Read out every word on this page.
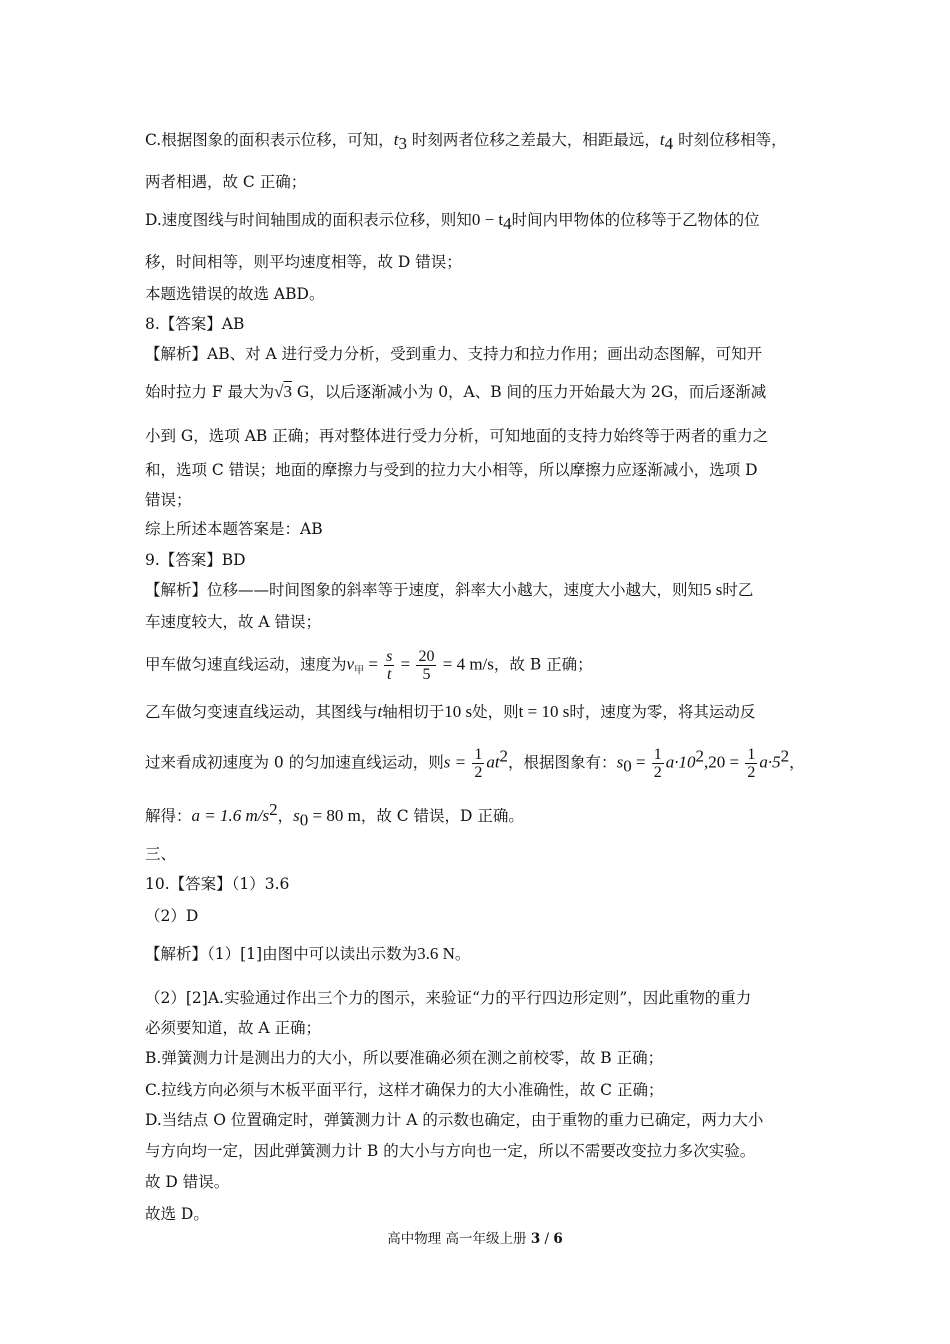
C.根据图象的面积表示位移，可知，$t_3$ 时刻两者位移之差最大，相距最远，$t_4$ 时刻位移相等，
两者相遇，故 C 正确；
D.速度图线与时间轴围成的面积表示位移，则知$0 - t_4$时间内甲物体的位移等于乙物体的位
移，时间相等，则平均速度相等，故 D 错误；
本题选错误的故选 ABD。
8.【答案】AB
【解析】AB、对 A 进行受力分析，受到重力、支持力和拉力作用；画出动态图解，可知开
始时拉力 F 最大为√3 G，以后逐渐减小为 0，A、B 间的压力开始最大为 2G，而后逐渐减
小到 G，选项 AB 正确；再对整体进行受力分析，可知地面的支持力始终等于两者的重力之
和，选项 C 错误；地面的摩擦力与受到的拉力大小相等，所以摩擦力应逐渐减小，选项 D
错误；
综上所述本题答案是：AB
9.【答案】BD
【解析】位移——时间图象的斜率等于速度，斜率大小越大，速度大小越大，则知5 s时乙
车速度较大，故 A 错误；
甲车做匀速直线运动，速度为$v_甲 = \frac{s}{t} = \frac{20}{5} = 4$ m/s，故 B 正确；
乙车做匀变速直线运动，其图线与t轴相切于10 s处，则t = 10 s时，速度为零，将其运动反
过来看成初速度为 0 的匀加速直线运动，则$s = \frac{1}{2} at^2$，根据图象有：$s_0 = \frac{1}{2} a\cdot 10^2,20 = \frac{1}{2} a\cdot 5^2$，
解得：a = 1.6 $m/s^2$，$s_0 = 80$ m，故 C 错误，D 正确。
三、
10.【答案】（1）3.6
（2）D
【解析】（1）[1]由图中可以读出示数为3.6 N。
（2）[2]A.实验通过作出三个力的图示，来验证“力的平行四边形定则”，因此重物的重力
必须要知道，故 A 正确；
B.弹簧测力计是测出力的大小，所以要准确必须在测之前校零，故 B 正确；
C.拉线方向必须与木板平面平行，这样才确保力的大小准确性，故 C 正确；
D.当结点 O 位置确定时，弹簧测力计 A 的示数也确定，由于重物的重力已确定，两力大小
与方向均一定，因此弹簧测力计 B 的大小与方向也一定，所以不需要改变拉力多次实验。
故 D 错误。
故选 D。
高中物理 高一年级上册 3 / 6
